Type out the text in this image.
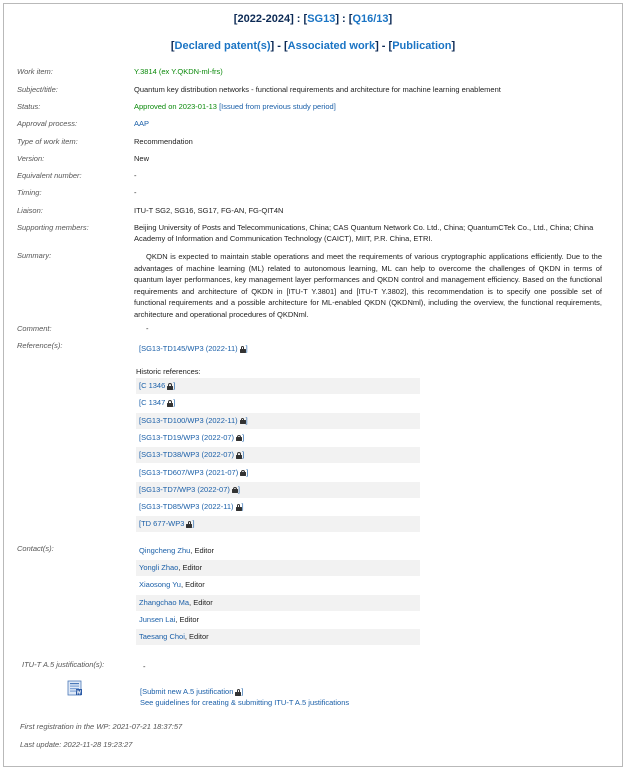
[2022-2024] : [SG13] : [Q16/13]
[Declared patent(s)] - [Associated work] - [Publication]
Work item:	Y.3814 (ex Y.QKDN-ml-frs)
Subject/title:	Quantum key distribution networks - functional requirements and architecture for machine learning enablement
Status:	Approved on 2023-01-13 [Issued from previous study period]
Approval process:	AAP
Type of work item:	Recommendation
Version:	New
Equivalent number:	-
Timing:	-
Liaison:	ITU-T SG2, SG16, SG17, FG-AN, FG-QIT4N
Supporting members:	Beijing University of Posts and Telecommunications, China; CAS Quantum Network Co. Ltd., China; QuantumCTek Co., Ltd., China; China
Academy of Information and Communication Technology (CAICT), MIIT, P.R. China, ETRI.
Summary:	QKDN is expected to maintain stable operations and meet the requirements of various cryptographic applications efficiently. Due to the advantages of machine learning (ML) related to autonomous learning, ML can help to overcome the challenges of QKDN in terms of quantum layer performances, key management layer performances and QKDN control and management efficiency. Based on the functional requirements and architecture of QKDN in [ITU-T Y.3801] and [ITU-T Y.3802], this recommendation is to specify one possible set of functional requirements and a possible architecture for ML-enabled QKDN (QKDNml), including the overview, the functional requirements, architecture and operational procedures of QKDNml.
Comment:	-
Reference(s):	[SG13-TD145/WP3 (2022-11) ]
Historic references:
[C 1346 ]
[C 1347 ]
[SG13-TD100/WP3 (2022-11) ]
[SG13-TD19/WP3 (2022-07) ]
[SG13-TD38/WP3 (2022-07) ]
[SG13-TD607/WP3 (2021-07) ]
[SG13-TD7/WP3 (2022-07) ]
[SG13-TD85/WP3 (2022-11) ]
[TD 677-WP3 ]
Contact(s):	Qingcheng Zhu, Editor
Yongli Zhao, Editor
Xiaosong Yu, Editor
Zhangchao Ma, Editor
Junsen Lai, Editor
Taesang Choi, Editor
ITU-T A.5 justification(s):	-
[Submit new A.5 justification ]
See guidelines for creating & submitting ITU-T A.5 justifications
First registration in the WP: 2021-07-21 18:37:57
Last update: 2022-11-28 19:23:27
